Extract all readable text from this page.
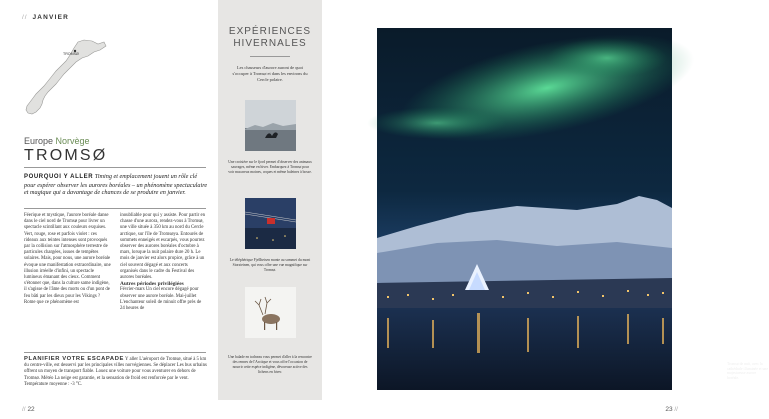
// JANVIER
TROMSØ
Europe Norvège
TROMSØ
POURQUOI Y ALLER Timing et emplacement jouent un rôle clé pour espérer observer les aurores boréales – un phénomène spectaculaire et magique qui a davantage de chances de se produire en janvier.

Féerique et mystique, l'aurore boréale danse dans le ciel nord de Tromsø pour livrer un spectacle scintillant aux couleurs exquises. Vert, rouge, rose et parfois violet : ces rideaux aux teintes intenses sont provoqués par la collision sur l'atmosphère terrestre de particules chargées, issues de tempêtes solaires. Mais, pour nous, une aurore boréale évoque une manifestation extraordinaire, une illusion irréelle d'infini, un spectacle lumineux émanant des cieux. Comment s'étonner que, dans la culture same indigène, il s'agisse de l'âme des morts ou d'un pont de feu bâti par les dieux pour les Vikings ? Rome que ce phénomène est

inoubliable pour qui y assiste. Pour partir en chasse d'une aurora, rendez-vous à Tromsø, une ville située à 350 km au nord du Cercle arctique, sur l'île de Tromsøya. Entourés de sommets enneigés et escarpés, vous pourrez observer des aurores boréales d'octobre à mars, lorsque la nuit polaire dure 20 h. Le mois de janvier est alors propice, grâce à un ciel souvent dégagé et aux concerts organisés dans le cadre du Festival des aurores boréales.

Autres périodes privilégiées

Février-mars Un ciel encore dégagé pour observer une aurore boréale. Mai-juillet L'enchanteur soleil de minuit offre près de 24 heures de

PLANIFIER VOTRE ESCAPADE Y aller L'aéroport de Tromsø, situé à 5 km du centre-ville, est desservi par les principales villes norvégiennes. Se déplacer Les bus urbains offrent un moyen de transport fiable. Louez une voiture pour vous aventurer en dehors de Tromsø. Météo La neige est garantie, et la sensation de froid est renforcée par le vent. Température moyenne : -3 °C.
// 22
EXPÉRIENCES
HIVERNALES
Les chasseurs d'aurore auront de quoi s'occuper à Tromsø et dans les environs du Cercle polaire.
Une croisière sur le fjord permet d'observer des animaux sauvages, même en hiver. Embarquez à Tromsø pour voir macareux moines, orques et même baleines à bosse.
Le téléphérique Fjellheisen monte au sommet du mont Storsteinen, qui vous offre une vue magnifique sur Tromsø.
Une balade en traîneau vous permet d'aller à la rencontre des rennes de l'Arctique et vous offre l'occasion de nourrir cette espèce indigène, dévoreuse active des lichens en hiver.
Tromsø de nuit, avec la cathédrale illuminée et une majestueuse aurore boréale.
23 //
